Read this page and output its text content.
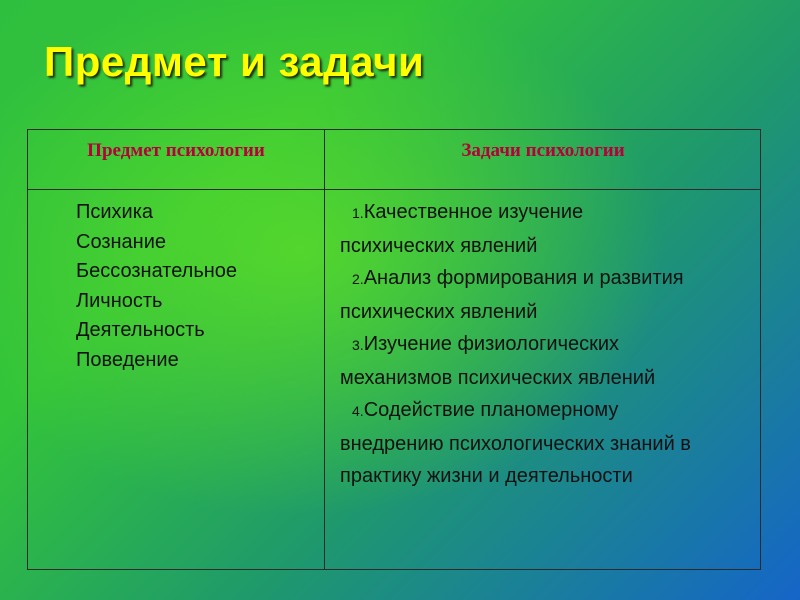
Предмет и задачи
Предмет психологии	Задачи психологии
Психика
Сознание
Бессознательное
Личность
Деятельность
Поведение
1.Качественное изучение
психических явлений
2.Анализ формирования и развития
психических явлений
3.Изучение физиологических
механизмов психических явлений
4.Содействие планомерному
внедрению психологических знаний в практику жизни и деятельности
